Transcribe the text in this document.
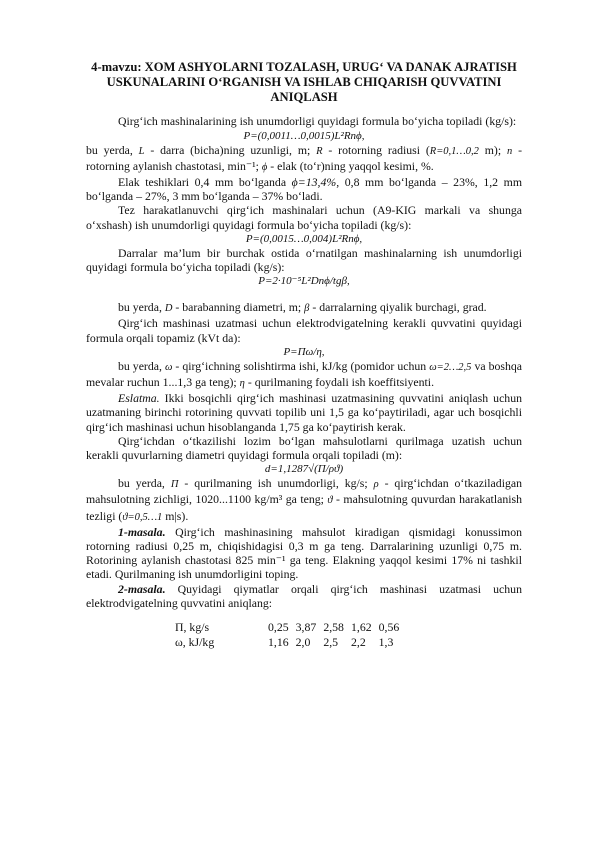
4-mavzu: XOM ASHYOLARNI TOZALASH, URUG‘ VA DANAK AJRATISH USKUNALARINI O‘RGANISH VA ISHLAB CHIQARISH QUVVATINI ANIQLASH

Qirg‘ich mashinalarining ish unumdorligi quyidagi formula bo‘yicha topiladi (kg/s):

P=(0,0011…0,0015)L²Rnϕ,

bu yerda, L - darra (bicha)ning uzunligi, m; R - rotorning radiusi (R=0,1…0,2 m); n - rotorning aylanish chastotasi, min⁻¹; ϕ - elak (to‘r)ning yaqqol kesimi, %.

Elak teshiklari 0,4 mm bo‘lganda ϕ=13,4%, 0,8 mm bo‘lganda – 23%, 1,2 mm bo‘lganda – 27%, 3 mm bo‘lganda – 37% bo‘ladi.

Tez harakatlanuvchi qirg‘ich mashinalari uchun (A9-KIG markali va shunga o‘xshash) ish unumdorligi quyidagi formula bo‘yicha topiladi (kg/s):

P=(0,0015…0,004)L²Rnϕ,

Darralar ma’lum bir burchak ostida o‘rnatilgan mashinalarning ish unumdorligi quyidagi formula bo‘yicha topiladi (kg/s):

P=2·10⁻⁵L²Dnϕ/tgβ,

bu yerda, D - barabanning diametri, m; β - darralarning qiyalik burchagi, grad.

Qirg‘ich mashinasi uzatmasi uchun elektrodvigatelning kerakli quvvatini quyidagi formula orqali topamiz (kVt da):

P=Пω/η,

bu yerda, ω - qirg‘ichning solishtirma ishi, kJ/kg (pomidor uchun ω=2…2,5 va boshqa mevalar ruchun 1...1,3 ga teng); η - qurilmaning foydali ish koeffitsiyenti.

Eslatma. Ikki bosqichli qirg‘ich mashinasi uzatmasining quvvatini aniqlash uchun uzatmaning birinchi rotorining quvvati topilib uni 1,5 ga ko‘paytiriladi, agar uch bosqichli qirg‘ich mashinasi uchun hisoblanganda 1,75 ga ko‘paytirish kerak.

Qirg‘ichdan o‘tkazilishi lozim bo‘lgan mahsulotlarni qurilmaga uzatish uchun kerakli quvurlarning diametri quyidagi formula orqali topiladi (m):

d=1,1287√(П/ρϑ)

bu yerda, П - qurilmaning ish unumdorligi, kg/s; ρ - qirg‘ichdan o‘tkaziladigan mahsulotning zichligi, 1020...1100 kg/m³ ga teng; ϑ - mahsulotning quvurdan harakatlanish tezligi (ϑ=0,5…1 m|s).

1-masala. Qirg‘ich mashinasining mahsulot kiradigan qismidagi konussimon rotorning radiusi 0,25 m, chiqishidagisi 0,3 m ga teng. Darralarining uzunligi 0,75 m. Rotorining aylanish chastotasi 825 min⁻¹ ga teng. Elakning yaqqol kesimi 17% ni tashkil etadi. Qurilmaning ish unumdorligini toping.

2-masala. Quyidagi qiymatlar orqali qirg‘ich mashinasi uzatmasi uchun elektrodvigatelning quvvatini aniqlang:

П, kg/s	0,25	3,87	2,58	1,62	0,56
ω, kJ/kg	1,16	2,0	2,5	2,2	1,3
